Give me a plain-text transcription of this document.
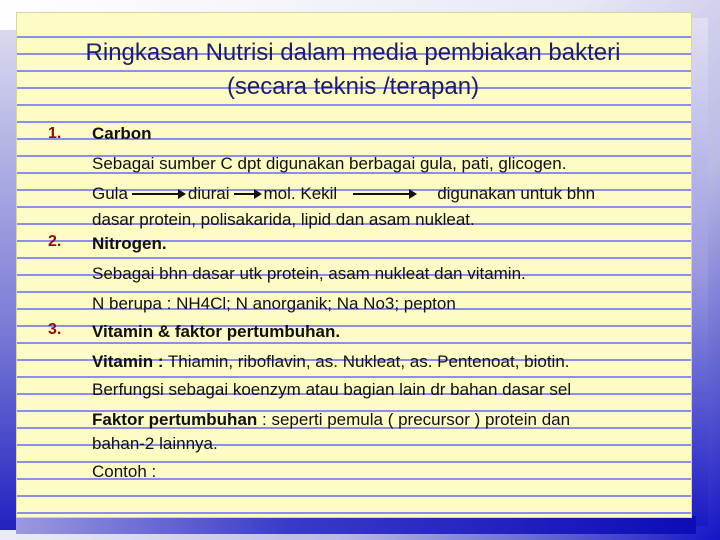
Ringkasan Nutrisi dalam media pembiakan bakteri
(secara teknis /terapan)
1.
2.
3.
Carbon
Sebagai sumber C dpt digunakan berbagai gula, pati, glicogen.
Gula	diurai mol. Kekil	digunakan untuk bhn
dasar protein, polisakarida, lipid dan asam nukleat.
Nitrogen.
Sebagai bhn dasar utk protein, asam nukleat dan vitamin.
N berupa : NH4Cl; N anorganik; Na No3; pepton
Vitamin & faktor pertumbuhan.
Vitamin : Thiamin, riboflavin, as. Nukleat, as. Pentenoat, biotin.
Berfungsi sebagai koenzym atau bagian lain dr bahan dasar sel
Faktor pertumbuhan : seperti pemula ( precursor ) protein dan
bahan-2 lainnya.
Contoh :
